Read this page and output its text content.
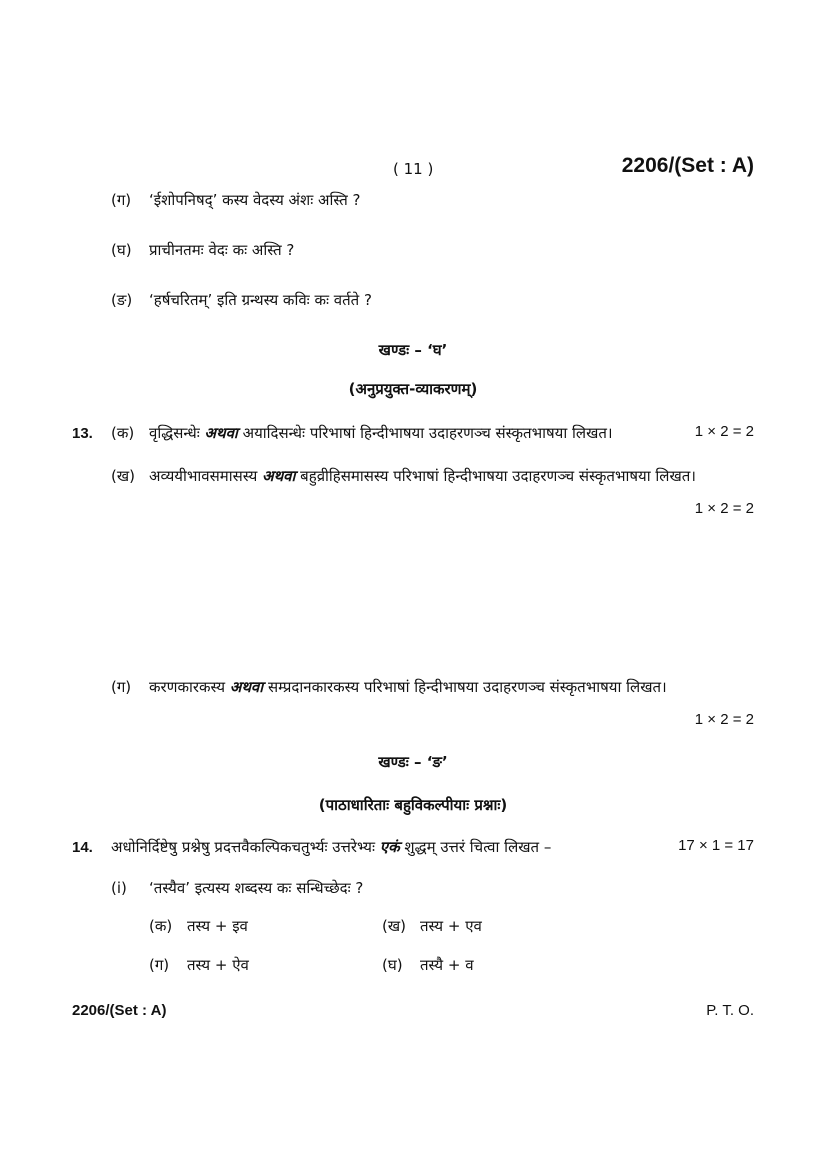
( 11 )	2206/(Set : A)
(ग) ‘ईशोपनिषद्’ कस्य वेदस्य अंशः अस्ति ?
(घ) प्राचीनतमः वेदः कः अस्ति ?
(ङ) ‘हर्षचरितम्’ इति ग्रन्थस्य कविः कः वर्तते ?
खण्डः – ‘घ’
(अनुप्रयुक्त-व्याकरणम्)
13. (क) वृद्धिसन्धेः अथवा अयादिसन्धेः परिभाषां हिन्दीभाषया उदाहरणञ्च संस्कृतभाषया लिखत।	1 × 2 = 2
(ख) अव्ययीभावसमासस्य अथवा बहुव्रीहिसमासस्य परिभाषां हिन्दीभाषया उदाहरणञ्च संस्कृतभाषया लिखत।
1 × 2 = 2
(ग) करणकारकस्य अथवा सम्प्रदानकारकस्य परिभाषां हिन्दीभाषया उदाहरणञ्च संस्कृतभाषया लिखत।
1 × 2 = 2
खण्डः – ‘ङ’
(पाठाधारिताः बहुविकल्पीयाः प्रश्नाः)
14. अधोनिर्दिष्टेषु प्रश्नेषु प्रदत्तवैकल्पिकचतुर्भ्यः उत्तरेभ्यः एकं शुद्धम् उत्तरं चित्वा लिखत –	17 × 1 = 17
(i) ‘तस्यैव’ इत्यस्य शब्दस्य कः सन्धिच्छेदः ?
(क) तस्य + इव	(ख) तस्य + एव
(ग) तस्य + ऐव	(घ) तस्यै + व
2206/(Set : A)	P. T. O.
